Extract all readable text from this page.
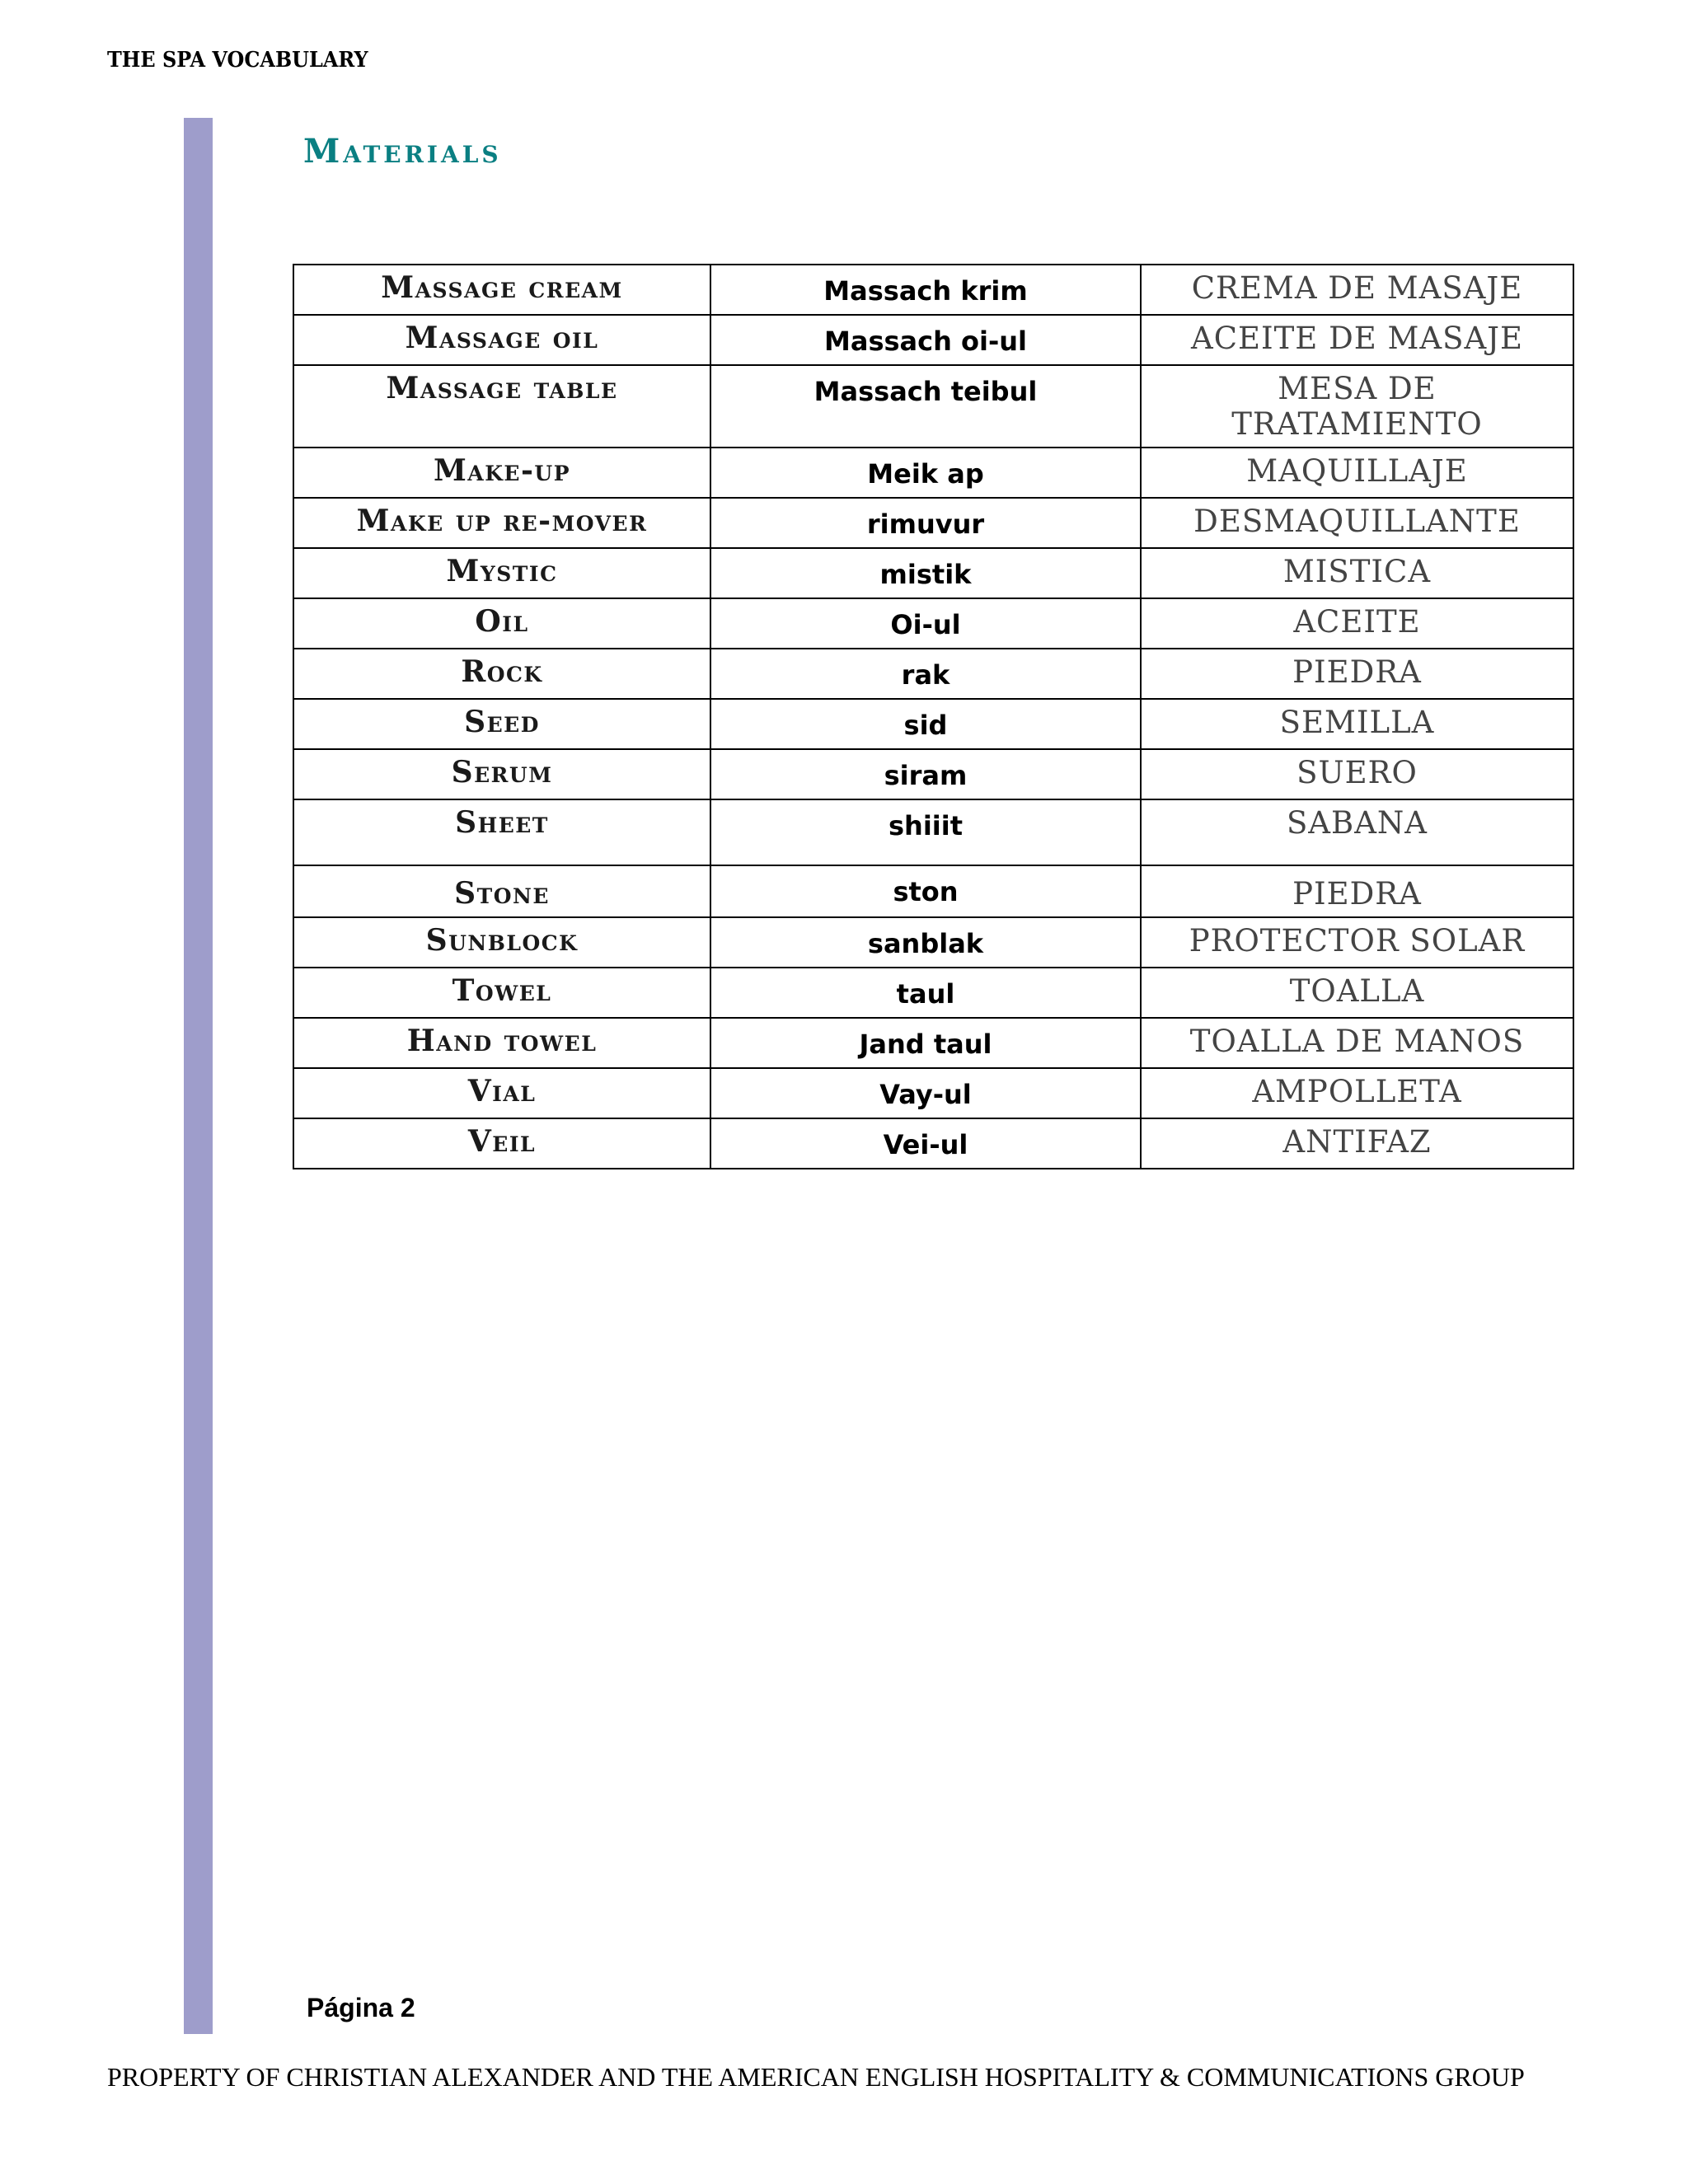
THE SPA VOCABULARY
Materials
Massage cream	Massach krim	CREMA DE MASAJE
Massage oil	Massach oi-ul	ACEITE DE MASAJE
Massage table	Massach teibul	MESA DE TRATAMIENTO
Make-up	Meik ap	MAQUILLAJE
Make up re-mover	rimuvur	DESMAQUILLANTE
Mystic	mistik	MISTICA
Oil	Oi-ul	ACEITE
Rock	rak	PIEDRA
Seed	sid	SEMILLA
Serum	siram	SUERO
Sheet	shiiit	SABANA
Stone	ston	PIEDRA
Sunblock	sanblak	PROTECTOR SOLAR
Towel	taul	TOALLA
Hand towel	Jand taul	TOALLA DE MANOS
Vial	Vay-ul	AMPOLLETA
Veil	Vei-ul	ANTIFAZ
Página 2
PROPERTY OF CHRISTIAN ALEXANDER AND THE AMERICAN ENGLISH HOSPITALITY & COMMUNICATIONS GROUP
